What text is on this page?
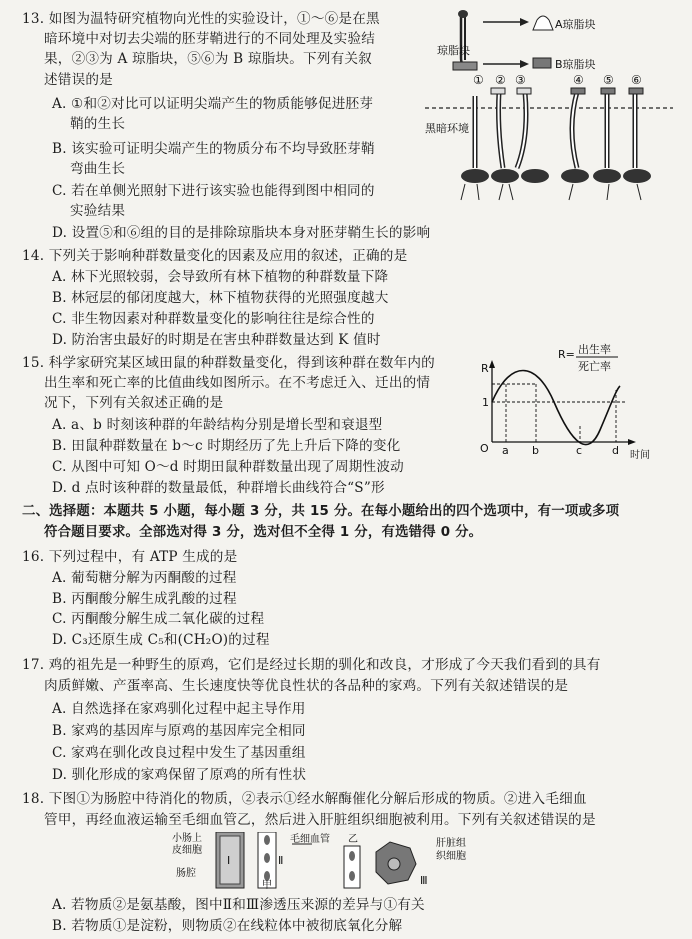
13. 如图为温特研究植物向光性的实验设计，①～⑥是在黑
暗环境中对切去尖端的胚芽鞘进行的不同处理及实验结
果，②③为 A 琼脂块，⑤⑥为 B 琼脂块。下列有关叙
述错误的是
A. ①和②对比可以证明尖端产生的物质能够促进胚芽
鞘的生长
B. 该实验可证明尖端产生的物质分布不均导致胚芽鞘
弯曲生长
C. 若在单侧光照射下进行该实验也能得到图中相同的
实验结果
D. 设置⑤和⑥组的目的是排除琼脂块本身对胚芽鞘生长的影响
琼脂块
A琼脂块
B琼脂块
① ② ③	④ ⑤ ⑥
黑暗环境
14. 下列关于影响种群数量变化的因素及应用的叙述，正确的是
A. 林下光照较弱，会导致所有林下植物的种群数量下降
B. 林冠层的郁闭度越大，林下植物获得的光照强度越大
C. 非生物因素对种群数量变化的影响往往是综合性的
D. 防治害虫最好的时期是在害虫种群数量达到 K 值时
15. 科学家研究某区域田鼠的种群数量变化，得到该种群在数年内的
出生率和死亡率的比值曲线如图所示。在不考虑迁入、迁出的情
况下，下列有关叙述正确的是
A. a、b 时刻该种群的年龄结构分别是增长型和衰退型
B. 田鼠种群数量在 b～c 时期经历了先上升后下降的变化
C. 从图中可知 O～d 时期田鼠种群数量出现了周期性波动
D. d 点时该种群的数量最低，种群增长曲线符合“S”形
R= 出生率
死亡率
R
时间
O
1
a b	c	d
二、选择题：本题共 5 小题，每小题 3 分，共 15 分。在每小题给出的四个选项中，有一项或多项
符合题目要求。全部选对得 3 分，选对但不全得 1 分，有选错得 0 分。
16. 下列过程中，有 ATP 生成的是
A. 葡萄糖分解为丙酮酸的过程
B. 丙酮酸分解生成乳酸的过程
C. 丙酮酸分解生成二氧化碳的过程
D. C₃还原生成 C₅和(CH₂O)的过程
17. 鸡的祖先是一种野生的原鸡，它们是经过长期的驯化和改良，才形成了今天我们看到的具有
肉质鲜嫩、产蛋率高、生长速度快等优良性状的各品种的家鸡。下列有关叙述错误的是
A. 自然选择在家鸡驯化过程中起主导作用
B. 家鸡的基因库与原鸡的基因库完全相同
C. 家鸡在驯化改良过程中发生了基因重组
D. 驯化形成的家鸡保留了原鸡的所有性状
18. 下图①为肠腔中待消化的物质，②表示①经水解酶催化分解后形成的物质。②进入毛细血
管甲，再经血液运输至毛细血管乙，然后进入肝脏组织细胞被利用。下列有关叙述错误的是
小肠上
皮细胞
肠腔
Ⅰ	Ⅱ
甲
毛细血管 乙
Ⅲ
肝脏组
织细胞
A. 若物质②是氨基酸，图中Ⅱ和Ⅲ渗透压来源的差异与①有关
B. 若物质①是淀粉，则物质②在线粒体中被彻底氧化分解
